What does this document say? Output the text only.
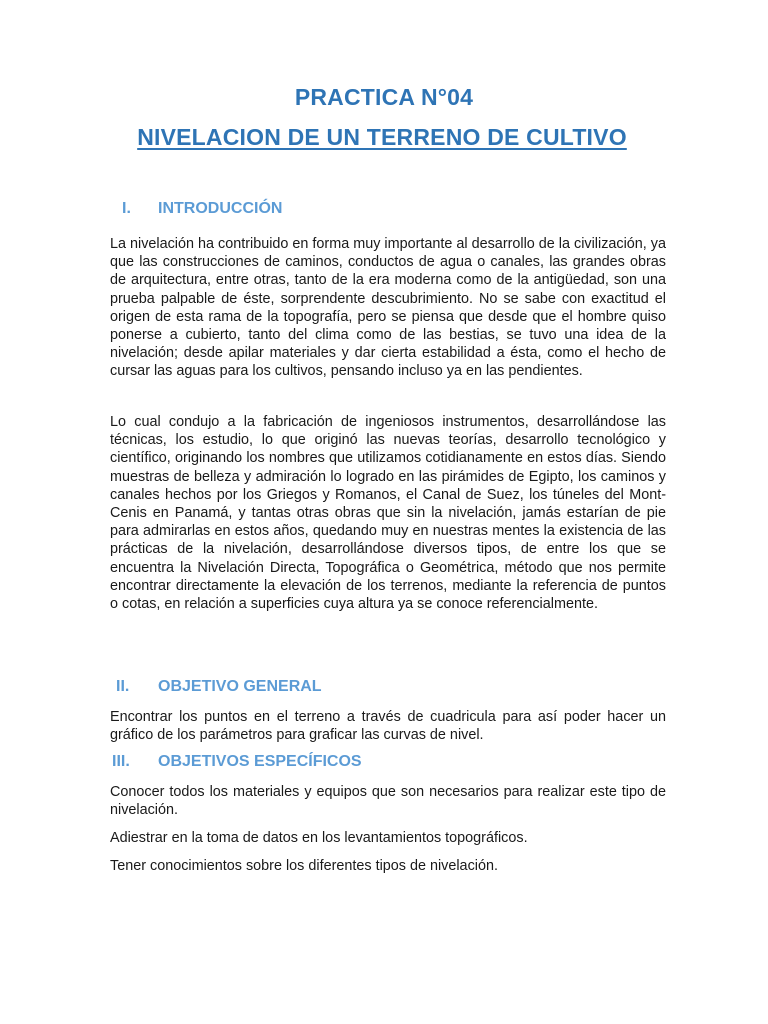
PRACTICA N°04
NIVELACION DE UN TERRENO DE CULTIVO
I. INTRODUCCIÓN

La nivelación ha contribuido en forma muy importante al desarrollo de la civilización, ya que las construcciones de caminos, conductos de agua o canales, las grandes obras de arquitectura, entre otras, tanto de la era moderna como de la antigüedad, son una prueba palpable de éste, sorprendente descubrimiento. No se sabe con exactitud el origen de esta rama de la topografía, pero se piensa que desde que el hombre quiso ponerse a cubierto, tanto del clima como de las bestias, se tuvo una idea de la nivelación; desde apilar materiales y dar cierta estabilidad a ésta, como el hecho de cursar las aguas para los cultivos, pensando incluso ya en las pendientes.

Lo cual condujo a la fabricación de ingeniosos instrumentos, desarrollándose las técnicas, los estudio, lo que originó las nuevas teorías, desarrollo tecnológico y científico, originando los nombres que utilizamos cotidianamente en estos días. Siendo muestras de belleza y admiración lo logrado en las pirámides de Egipto, los caminos y canales hechos por los Griegos y Romanos, el Canal de Suez, los túneles del Mont-Cenis en Panamá, y tantas otras obras que sin la nivelación, jamás estarían de pie para admirarlas en estos años, quedando muy en nuestras mentes la existencia de las prácticas de la nivelación, desarrollándose diversos tipos, de entre los que se encuentra la Nivelación Directa, Topográfica o Geométrica, método que nos permite encontrar directamente la elevación de los terrenos, mediante la referencia de puntos o cotas, en relación a superficies cuya altura ya se conoce referencialmente.

II. OBJETIVO GENERAL

Encontrar los puntos en el terreno a través de cuadricula para así poder hacer un gráfico de los parámetros para graficar las curvas de nivel.

III. OBJETIVOS ESPECÍFICOS

Conocer todos los materiales y equipos que son necesarios para realizar este tipo de nivelación.

Adiestrar en la toma de datos en los levantamientos topográficos.

Tener conocimientos sobre los diferentes tipos de nivelación.
